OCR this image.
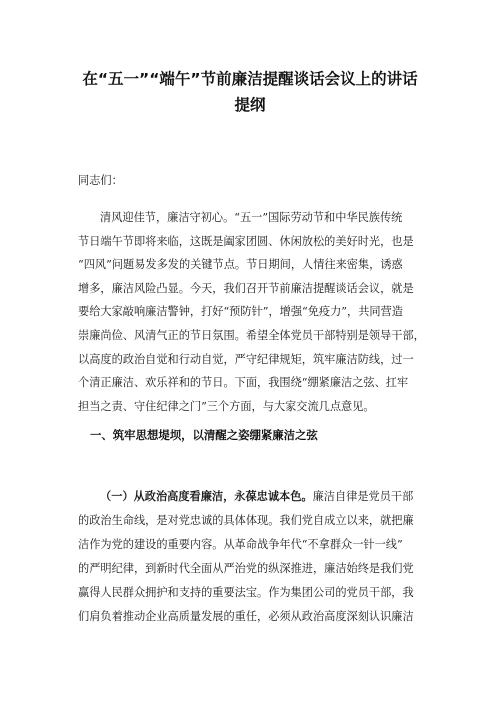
在“五一”“端午”节前廉洁提醒谈话会议上的讲话
提纲
同志们：
清风迎佳节，廉洁守初心。“五一”国际劳动节和中华民族传统
节日端午节即将来临，这既是阖家团圆、休闲放松的美好时光，也是
“四风”问题易发多发的关键节点。节日期间，人情往来密集，诱惑
增多，廉洁风险凸显。今天，我们召开节前廉洁提醒谈话会议，就是
要给大家敲响廉洁警钟，打好“预防针”，增强“免疫力”，共同营造
崇廉尚俭、风清气正的节日氛围。希望全体党员干部特别是领导干部，
以高度的政治自觉和行动自觉，严守纪律规矩，筑牢廉洁防线，过一
个清正廉洁、欢乐祥和的节日。下面，我围绕“绷紧廉洁之弦、扛牢
担当之责、守住纪律之门”三个方面，与大家交流几点意见。
一、筑牢思想堤坝，以清醒之姿绷紧廉洁之弦
（一）从政治高度看廉洁，永葆忠诚本色。廉洁自律是党员干部
的政治生命线，是对党忠诚的具体体现。我们党自成立以来，就把廉
洁作为党的建设的重要内容。从革命战争年代“不拿群众一针一线”
的严明纪律，到新时代全面从严治党的纵深推进，廉洁始终是我们党
赢得人民群众拥护和支持的重要法宝。作为集团公司的党员干部，我
们肩负着推动企业高质量发展的重任，必须从政治高度深刻认识廉洁
